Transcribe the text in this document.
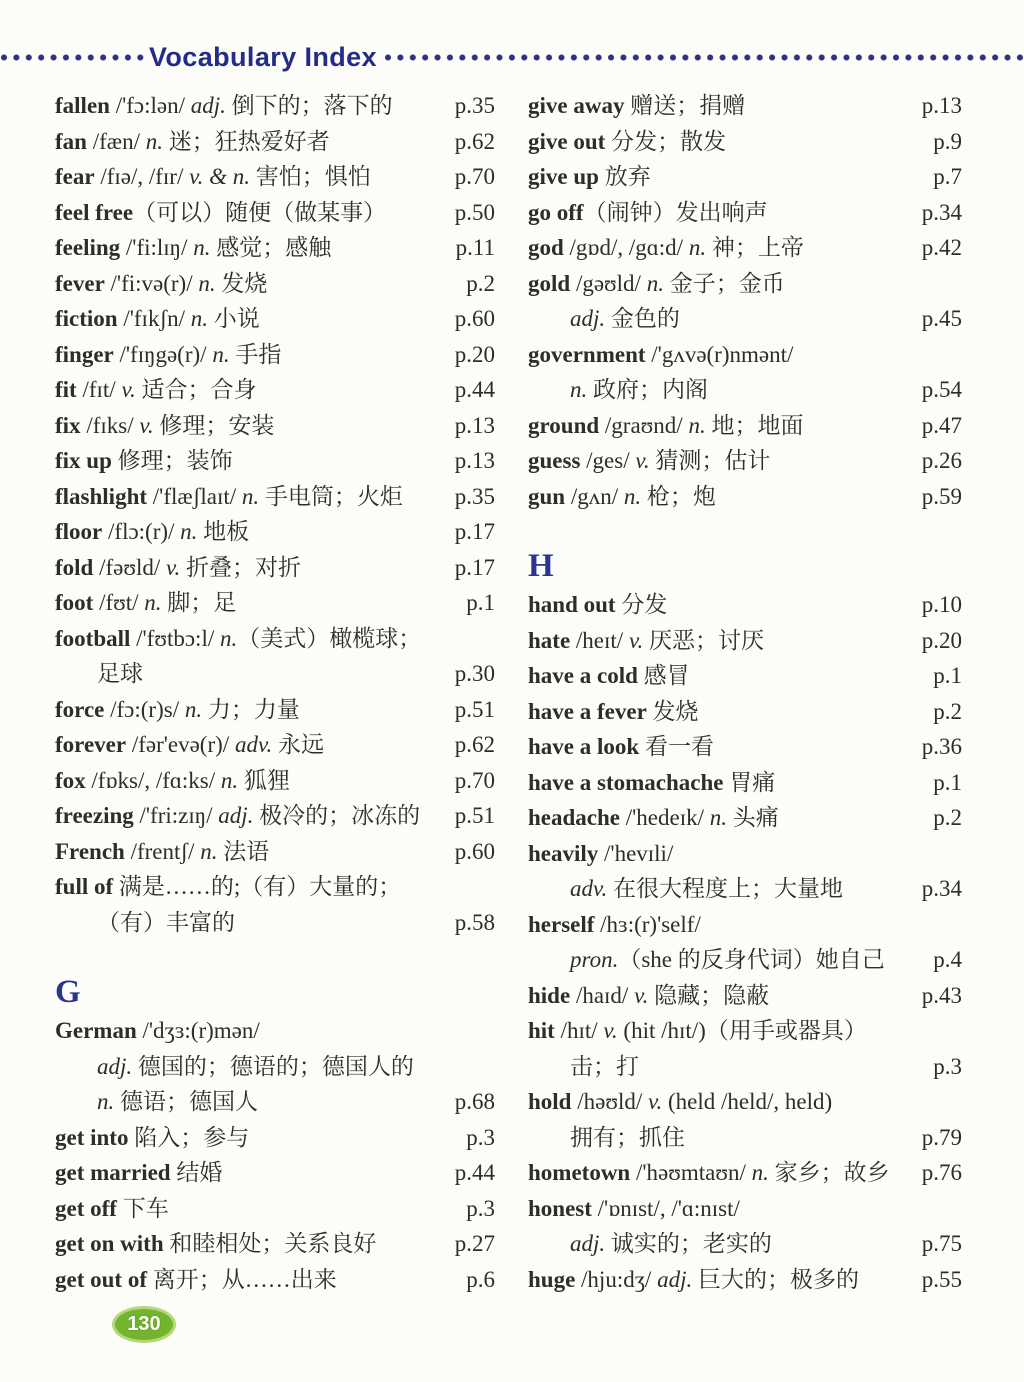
Vocabulary Index
fallen /'fɔ:lən/ adj. 倒下的；落下的	p.35
fan /fæn/ n. 迷；狂热爱好者	p.62
fear /fɪə/, /fɪr/ v. & n. 害怕；惧怕	p.70
feel free（可以）随便（做某事）	p.50
feeling /'fi:lɪŋ/ n. 感觉；感触	p.11
fever /'fi:və(r)/ n. 发烧	p.2
fiction /'fɪkʃn/ n. 小说	p.60
finger /'fɪŋgə(r)/ n. 手指	p.20
fit /fɪt/ v. 适合；合身	p.44
fix /fɪks/ v. 修理；安装	p.13
fix up 修理；装饰	p.13
flashlight /'flæʃlaɪt/ n. 手电筒；火炬	p.35
floor /flɔ:(r)/ n. 地板	p.17
fold /fəʊld/ v. 折叠；对折	p.17
foot /fʊt/ n. 脚；足	p.1
football /'fʊtbɔ:l/ n.（美式）橄榄球；
足球	p.30
force /fɔ:(r)s/ n. 力；力量	p.51
forever /fər'evə(r)/ adv. 永远	p.62
fox /fɒks/, /fɑ:ks/ n. 狐狸	p.70
freezing /'fri:zɪŋ/ adj. 极冷的；冰冻的	p.51
French /frentʃ/ n. 法语	p.60
full of 满是……的;（有）大量的；
（有）丰富的	p.58
G
German /'dʒɜ:(r)mən/
adj. 德国的；德语的；德国人的
n. 德语；德国人	p.68
get into 陷入；参与	p.3
get married 结婚	p.44
get off 下车	p.3
get on with 和睦相处；关系良好	p.27
get out of 离开；从……出来	p.6
give away 赠送；捐赠	p.13
give out 分发；散发	p.9
give up 放弃	p.7
go off（闹钟）发出响声	p.34
god /gɒd/, /gɑ:d/ n. 神；上帝	p.42
gold /gəʊld/ n. 金子；金币
adj. 金色的	p.45
government /'gʌvə(r)nmənt/
n. 政府；内阁	p.54
ground /graʊnd/ n. 地；地面	p.47
guess /ges/ v. 猜测；估计	p.26
gun /gʌn/ n. 枪；炮	p.59
H
hand out 分发	p.10
hate /heɪt/ v. 厌恶；讨厌	p.20
have a cold 感冒	p.1
have a fever 发烧	p.2
have a look 看一看	p.36
have a stomachache 胃痛	p.1
headache /'hedeɪk/ n. 头痛	p.2
heavily /'hevɪli/
adv. 在很大程度上；大量地	p.34
herself /hɜ:(r)'self/
pron.（she 的反身代词）她自己	p.4
hide /haɪd/ v. 隐藏；隐蔽	p.43
hit /hɪt/ v. (hit /hɪt/)（用手或器具）
击；打	p.3
hold /həʊld/ v. (held /held/, held)
拥有；抓住	p.79
hometown /'həʊmtaʊn/ n. 家乡；故乡	p.76
honest /'ɒnɪst/, /'ɑ:nɪst/
adj. 诚实的；老实的	p.75
huge /hju:dʒ/ adj. 巨大的；极多的	p.55
130
